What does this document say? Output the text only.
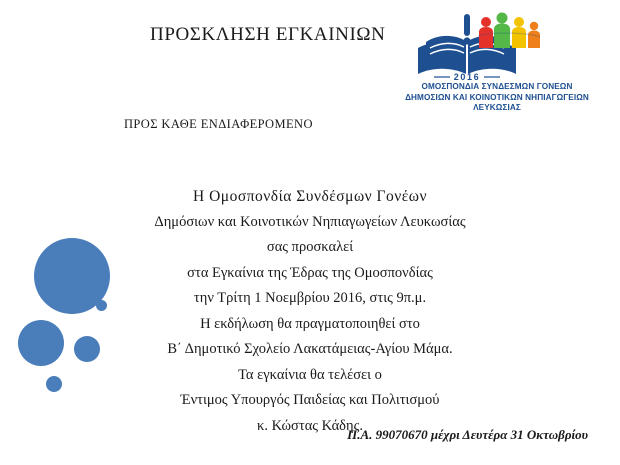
ΠΡΟΣΚΛΗΣΗ ΕΓΚΑΙΝΙΩΝ
ΠΡΟΣ ΚΑΘΕ ΕΝΔΙΑΦΕΡΟΜΕΝΟ
2016
ΟΜΟΣΠΟΝΔΙΑ ΣΥΝΔΕΣΜΩΝ ΓΟΝΕΩΝ
ΔΗΜΟΣΙΩΝ ΚΑΙ ΚΟΙΝΟΤΙΚΩΝ ΝΗΠΙΑΓΩΓΕΙΩΝ
ΛΕΥΚΩΣΙΑΣ
Η Ομοσπονδία Συνδέσμων Γονέων
Δημόσιων και Κοινοτικών Νηπιαγωγείων Λευκωσίας
σας προσκαλεί
στα Εγκαίνια της Έδρας της Ομοσπονδίας
την Τρίτη 1 Νοεμβρίου 2016, στις 9π.μ.
Η εκδήλωση θα πραγματοποιηθεί στο
Β΄ Δημοτικό Σχολείο Λακατάμειας-Αγίου Μάμα.
Τα εγκαίνια θα τελέσει ο
Έντιμος Υπουργός Παιδείας και Πολιτισμού
κ. Κώστας Κάδης.
Π.Α. 99070670 μέχρι Δευτέρα 31 Οκτωβρίου
